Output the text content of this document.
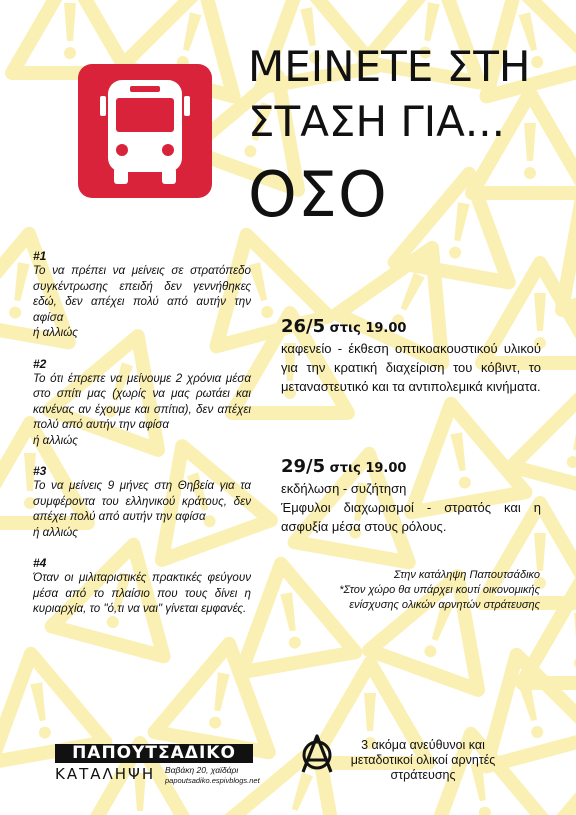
ΜΕΙΝΕΤΕ ΣΤΗ
ΣΤΑΣΗ ΓΙΑ...
ΟΣΟ
#1
Το να πρέπει να μείνεις σε στρατόπεδο συγκέντρωσης επειδή δεν γεννήθηκες εδώ, δεν απέχει πολύ από αυτήν την αφίσα
ή αλλιώς
#2
Το ότι έπρεπε να μείνουμε 2 χρόνια μέσα στο σπίτι μας (χωρίς να μας ρωτάει και κανένας αν έχουμε και σπίτια), δεν απέχει πολύ από αυτήν την αφίσα
ή αλλιώς
#3
Το να μείνεις 9 μήνες στη Θηβεία για τα συμφέροντα του ελληνικού κράτους, δεν απέχει πολύ από αυτήν την αφίσα
ή αλλιώς
#4
Όταν οι μιλιταριστικές πρακτικές φεύγουν μέσα από το πλαίσιο που τους δίνει η κυριαρχία, το "ό,τι να ναι" γίνεται εμφανές.
26/5 στις 19.00
καφενείο - έκθεση οπτικοακουστικού υλικού για την κρατική διαχείριση του κόβιντ, το μεταναστευτικό και τα αντιπολεμικά κινήματα.
29/5 στις 19.00
εκδήλωση - συζήτηση
Έμφυλοι διαχωρισμοί - στρατός και η ασφυξία μέσα στους ρόλους.
Στην κατάληψη Παπουτσάδικο
*Στον χώρο θα υπάρχει κουτί οικονομικής ενίσχυσης ολικών αρνητών στράτευσης
ΠΑΠΟΥΤΣΑΔΙΚΟ
ΚΑΤΑΛΗΨΗ Βαβάκη 20, χαϊδάρι
papoutsadiko.espivblogs.net
3 ακόμα ανεύθυνοι και μεταδοτικοί ολικοί αρνητές στράτευσης
